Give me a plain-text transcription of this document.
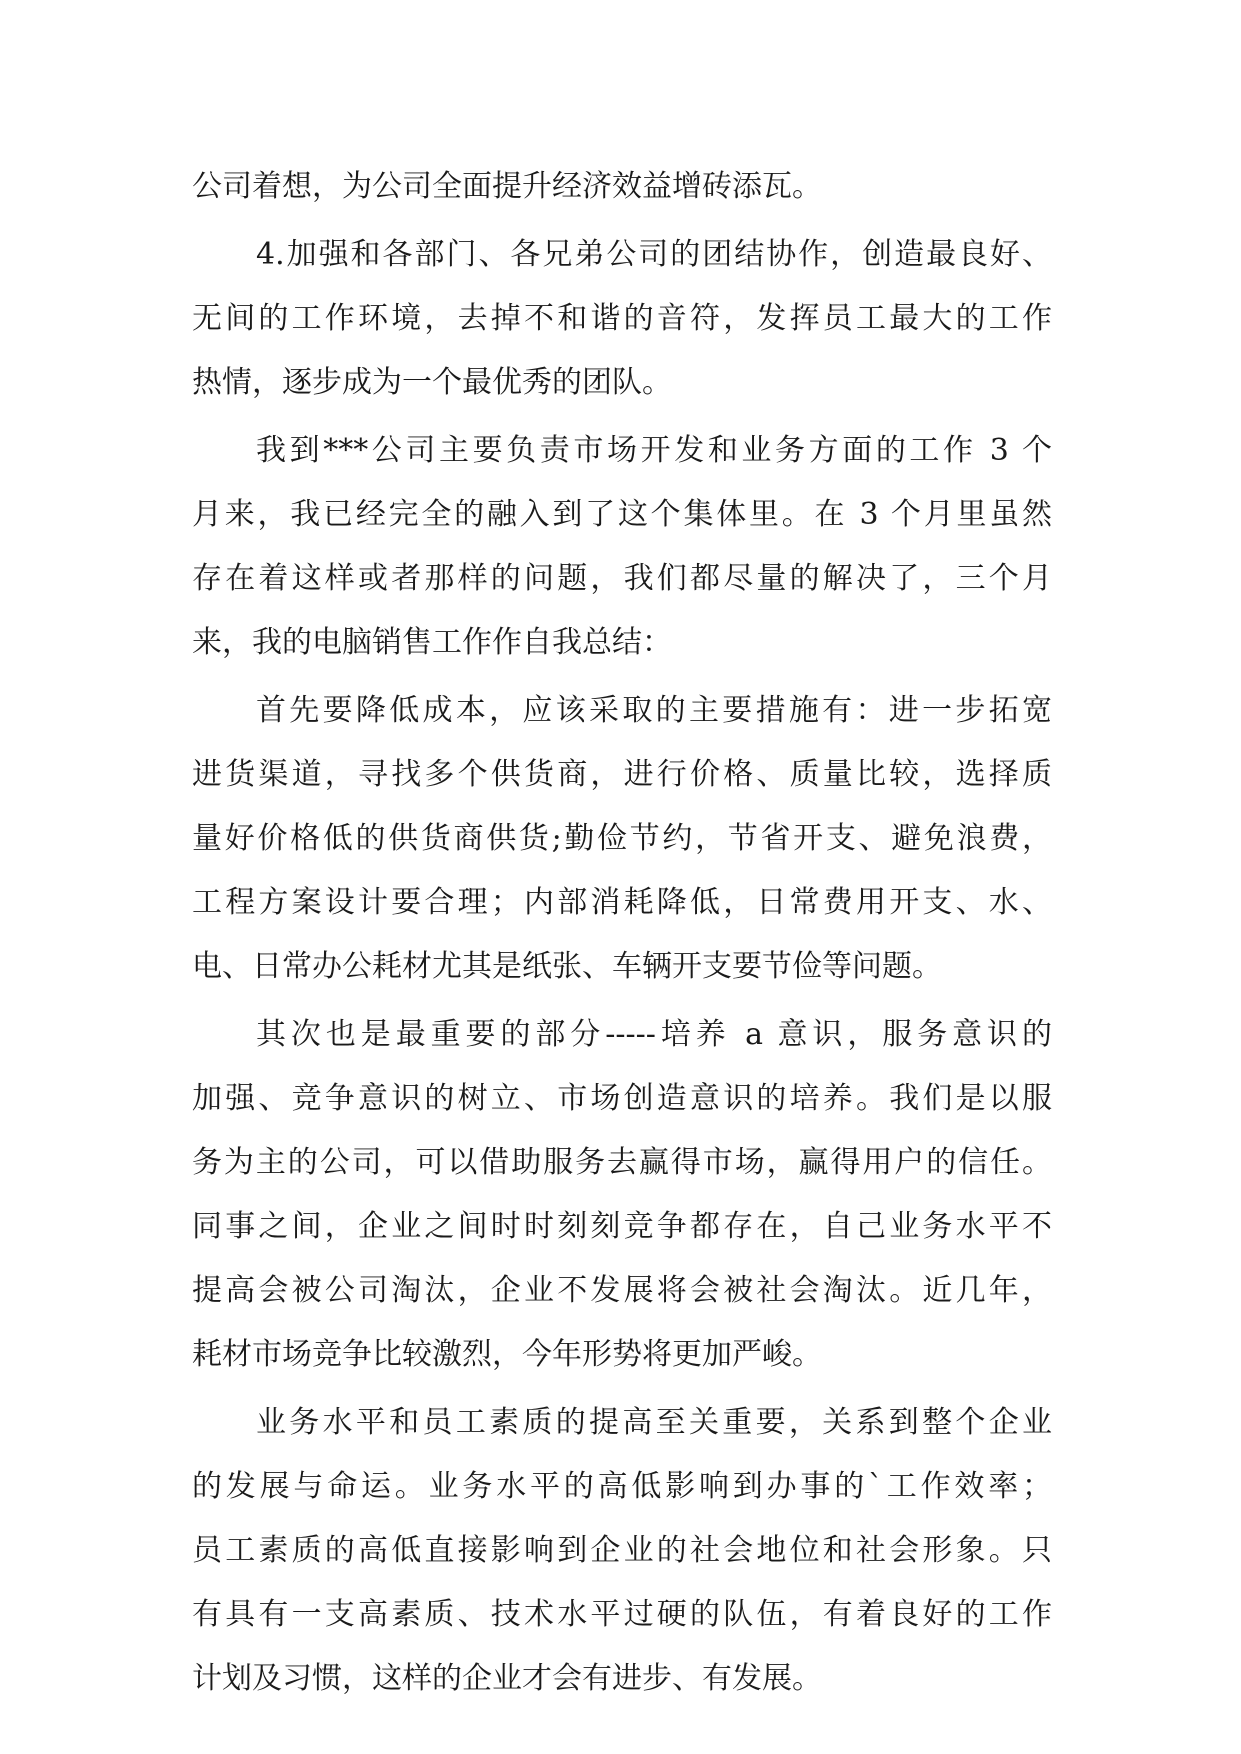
公司着想，为公司全面提升经济效益增砖添瓦。
4.加强和各部门、各兄弟公司的团结协作，创造最良好、
无间的工作环境，去掉不和谐的音符，发挥员工最大的工作
热情，逐步成为一个最优秀的团队。
我到***公司主要负责市场开发和业务方面的工作 3 个
月来，我已经完全的融入到了这个集体里。在 3 个月里虽然
存在着这样或者那样的问题，我们都尽量的解决了，三个月
来，我的电脑销售工作作自我总结：
首先要降低成本，应该采取的主要措施有：进一步拓宽
进货渠道，寻找多个供货商，进行价格、质量比较，选择质
量好价格低的供货商供货;勤俭节约，节省开支、避免浪费，
工程方案设计要合理；内部消耗降低，日常费用开支、水、
电、日常办公耗材尤其是纸张、车辆开支要节俭等问题。
其次也是最重要的部分-----培养 a 意识，服务意识的
加强、竞争意识的树立、市场创造意识的培养。我们是以服
务为主的公司，可以借助服务去赢得市场，赢得用户的信任。
同事之间，企业之间时时刻刻竞争都存在，自己业务水平不
提高会被公司淘汰，企业不发展将会被社会淘汰。近几年，
耗材市场竞争比较激烈，今年形势将更加严峻。
业务水平和员工素质的提高至关重要，关系到整个企业
的发展与命运。业务水平的高低影响到办事的`工作效率；
员工素质的高低直接影响到企业的社会地位和社会形象。只
有具有一支高素质、技术水平过硬的队伍，有着良好的工作
计划及习惯，这样的企业才会有进步、有发展。
